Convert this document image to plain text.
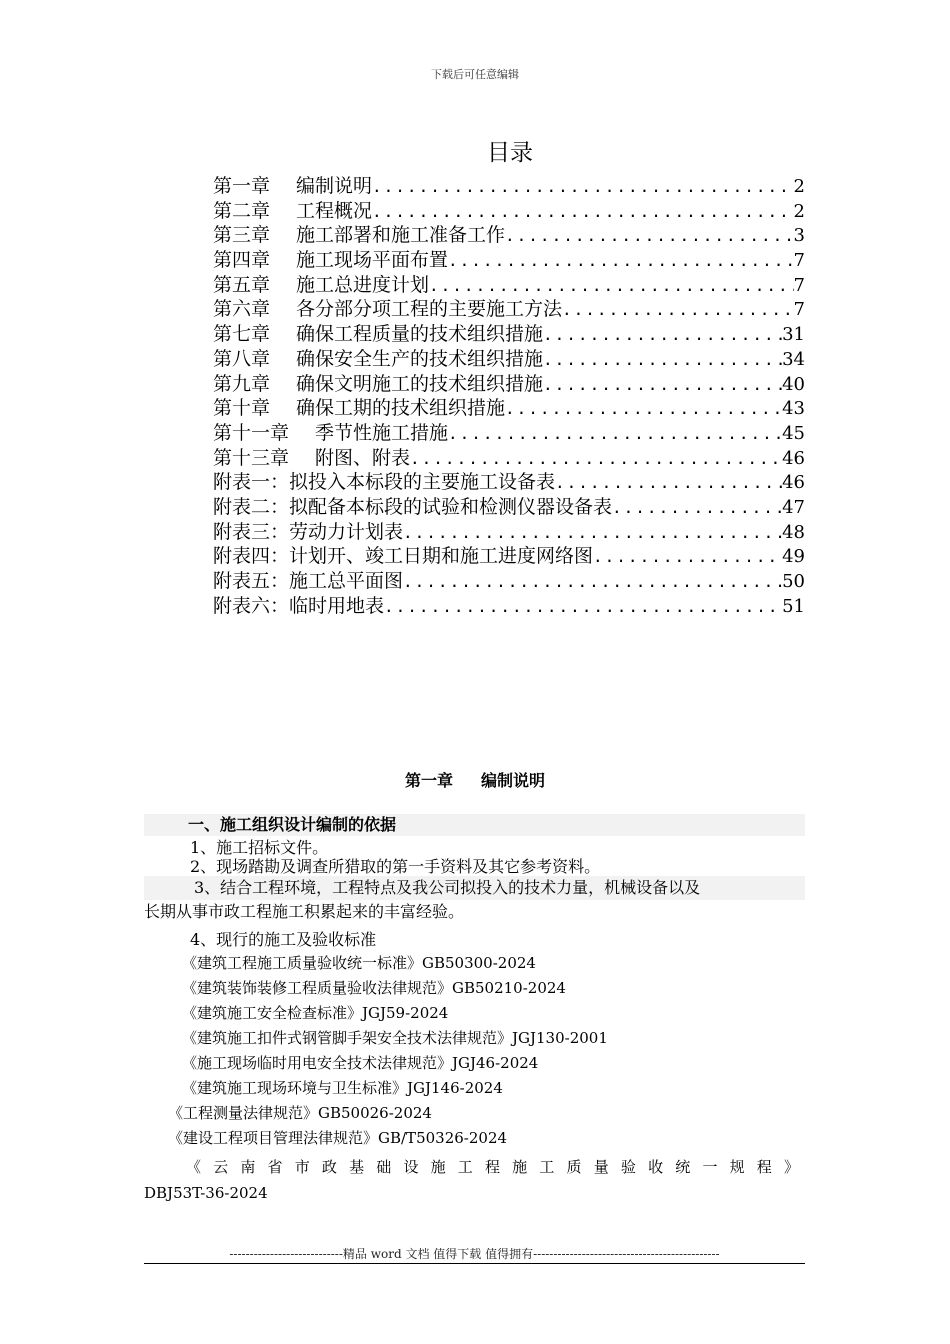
下载后可任意编辑
目录
第一章 编制说明 .....	2
第二章 工程概况 .....	2
第三章 施工部署和施工准备工作 .....	3
第四章 施工现场平面布置 .....	7
第五章 施工总进度计划 .....	7
第六章 各分部分项工程的主要施工方法 .....	7
第七章 确保工程质量的技术组织措施 .....	31
第八章 确保安全生产的技术组织措施 .....	34
第九章 确保文明施工的技术组织措施 .....	40
第十章 确保工期的技术组织措施 .....	43
第十一章 季节性施工措施 .....	45
第十三章 附图、附表 .....	46
附表一：拟投入本标段的主要施工设备表 .....	46
附表二：拟配备本标段的试验和检测仪器设备表 .....	47
附表三：劳动力计划表 .....	48
附表四：计划开、竣工日期和施工进度网络图 .....	49
附表五：施工总平面图 .....	50
附表六：临时用地表 .....	51
第一章 编制说明
一、施工组织设计编制的依据
1、施工招标文件。
2、现场踏勘及调查所猎取的第一手资料及其它参考资料。
3、结合工程环境，工程特点及我公司拟投入的技术力量，机械设备以及
长期从事市政工程施工积累起来的丰富经验。
4、现行的施工及验收标准
《建筑工程施工质量验收统一标准》GB50300-2024
《建筑装饰装修工程质量验收法律规范》GB50210-2024
《建筑施工安全检查标准》JGJ59-2024
《建筑施工扣件式钢管脚手架安全技术法律规范》JGJ130-2001
《施工现场临时用电安全技术法律规范》JGJ46-2024
《建筑施工现场环境与卫生标准》JGJ146-2024
《工程测量法律规范》GB50026-2024
《建设工程项目管理法律规范》GB/T50326-2024
《云南省市政基础设施工程施工质量验收统一规程》
DBJ53T-36-2024
----------------------------精品 word 文档 值得下载 值得拥有----------------------------------------------
